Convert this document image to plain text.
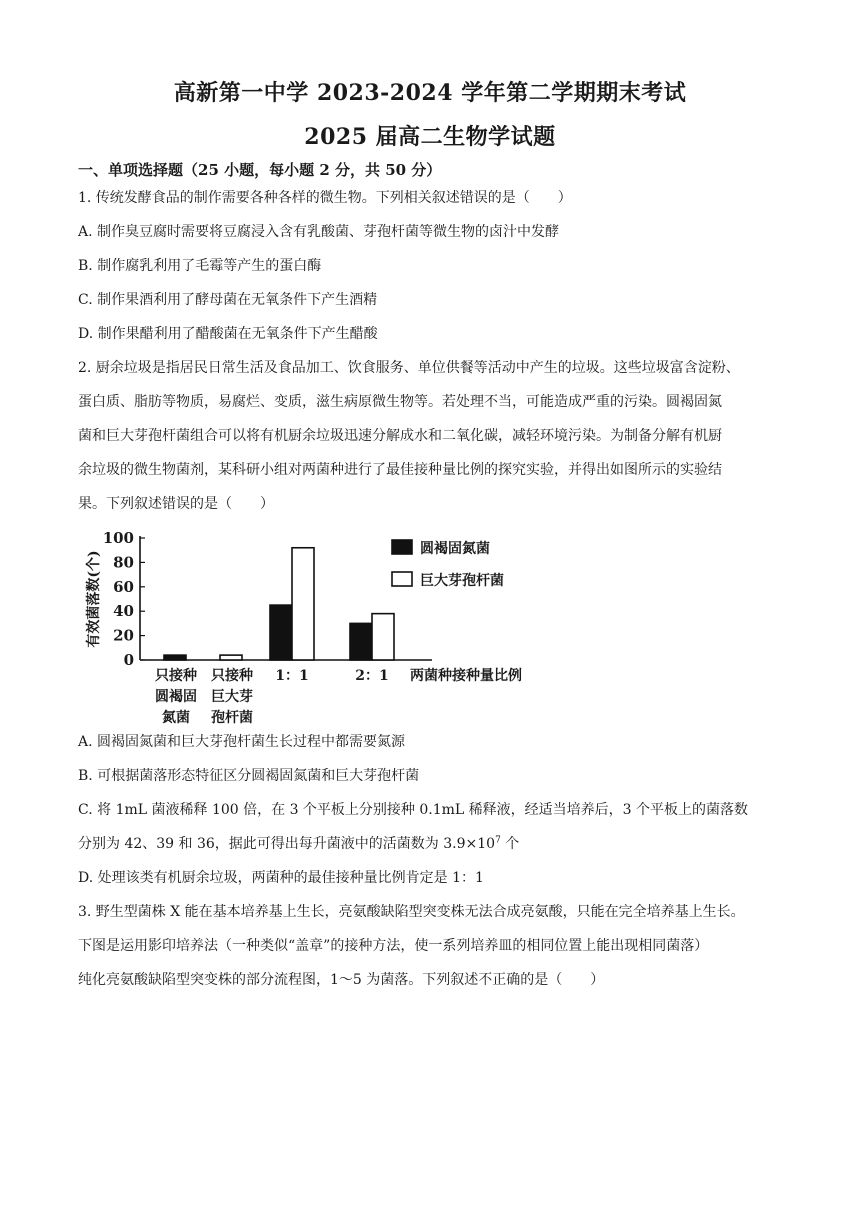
高新第一中学 2023-2024 学年第二学期期末考试
2025 届高二生物学试题
一、单项选择题（25 小题，每小题 2 分，共 50 分）
1. 传统发酵食品的制作需要各种各样的微生物。下列相关叙述错误的是（　　）
A. 制作臭豆腐时需要将豆腐浸入含有乳酸菌、芽孢杆菌等微生物的卤汁中发酵
B. 制作腐乳利用了毛霉等产生的蛋白酶
C. 制作果酒利用了酵母菌在无氧条件下产生酒精
D. 制作果醋利用了醋酸菌在无氧条件下产生醋酸
2. 厨余垃圾是指居民日常生活及食品加工、饮食服务、单位供餐等活动中产生的垃圾。这些垃圾富含淀粉、
蛋白质、脂肪等物质，易腐烂、变质，滋生病原微生物等。若处理不当，可能造成严重的污染。圆褐固氮
菌和巨大芽孢杆菌组合可以将有机厨余垃圾迅速分解成水和二氧化碳，减轻环境污染。为制备分解有机厨
余垃圾的微生物菌剂，某科研小组对两菌种进行了最佳接种量比例的探究实验，并得出如图所示的实验结
果。下列叙述错误的是（　　）
0
20
40
60
80
100
有效菌落数(个)
只接种
圆褐固
氮菌
只接种
巨大芽
孢杆菌
1：1	2：1 两菌种接种量比例
圆褐固氮菌
巨大芽孢杆菌
A. 圆褐固氮菌和巨大芽孢杆菌生长过程中都需要氮源
B. 可根据菌落形态特征区分圆褐固氮菌和巨大芽孢杆菌
C. 将 1mL 菌液稀释 100 倍，在 3 个平板上分别接种 0.1mL 稀释液，经适当培养后，3 个平板上的菌落数
分别为 42、39 和 36，据此可得出每升菌液中的活菌数为 $3.9\times 10^7$ 个
D. 处理该类有机厨余垃圾，两菌种的最佳接种量比例肯定是 1：1
3. 野生型菌株 X 能在基本培养基上生长，亮氨酸缺陷型突变株无法合成亮氨酸，只能在完全培养基上生长。
下图是运用影印培养法（一种类似“盖章”的接种方法，使一系列培养皿的相同位置上能出现相同菌落）
纯化亮氨酸缺陷型突变株的部分流程图，1～5 为菌落。下列叙述不正确的是（　　）
